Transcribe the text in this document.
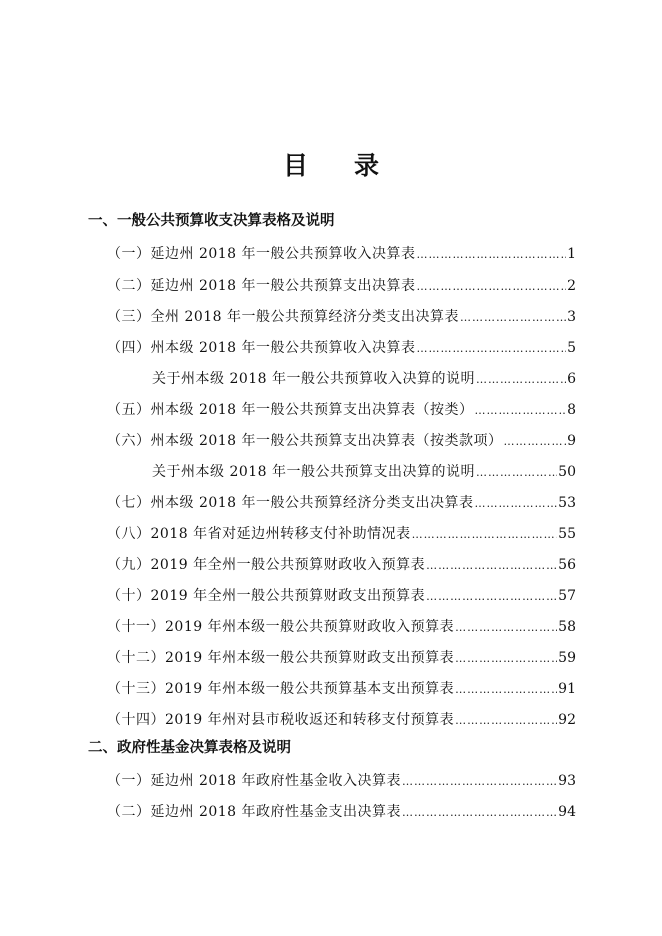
目录
一、一般公共预算收支决算表格及说明
（一）延边州 2018 年一般公共预算收入决算表 ……………………………………………………………………………………………………………………………	1
（二）延边州 2018 年一般公共预算支出决算表 ……………………………………………………………………………………………………………………………	2
（三）全州 2018 年一般公共预算经济分类支出决算表 ……………………………………………………………………………………………………………………………	3
（四）州本级 2018 年一般公共预算收入决算表 ……………………………………………………………………………………………………………………………	5
关于州本级 2018 年一般公共预算收入决算的说明 ……………………………………………………………………………………………………………………………	6
（五）州本级 2018 年一般公共预算支出决算表（按类） ……………………………………………………………………………………………………………………………	8
（六）州本级 2018 年一般公共预算支出决算表（按类款项） ……………………………………………………………………………………………………………………………	9
关于州本级 2018 年一般公共预算支出决算的说明 ……………………………………………………………………………………………………………………………	50
（七）州本级 2018 年一般公共预算经济分类支出决算表 ……………………………………………………………………………………………………………………………	53
（八）2018 年省对延边州转移支付补助情况表 ……………………………………………………………………………………………………………………………	55
（九）2019 年全州一般公共预算财政收入预算表 ……………………………………………………………………………………………………………………………	56
（十）2019 年全州一般公共预算财政支出预算表 ……………………………………………………………………………………………………………………………	57
（十一）2019 年州本级一般公共预算财政收入预算表 ……………………………………………………………………………………………………………………………	58
（十二）2019 年州本级一般公共预算财政支出预算表 ……………………………………………………………………………………………………………………………	59
（十三）2019 年州本级一般公共预算基本支出预算表 ……………………………………………………………………………………………………………………………	91
（十四）2019 年州对县市税收返还和转移支付预算表 ……………………………………………………………………………………………………………………………	92
二、政府性基金决算表格及说明
（一）延边州 2018 年政府性基金收入决算表 ……………………………………………………………………………………………………………………………	93
（二）延边州 2018 年政府性基金支出决算表 ……………………………………………………………………………………………………………………………	94
